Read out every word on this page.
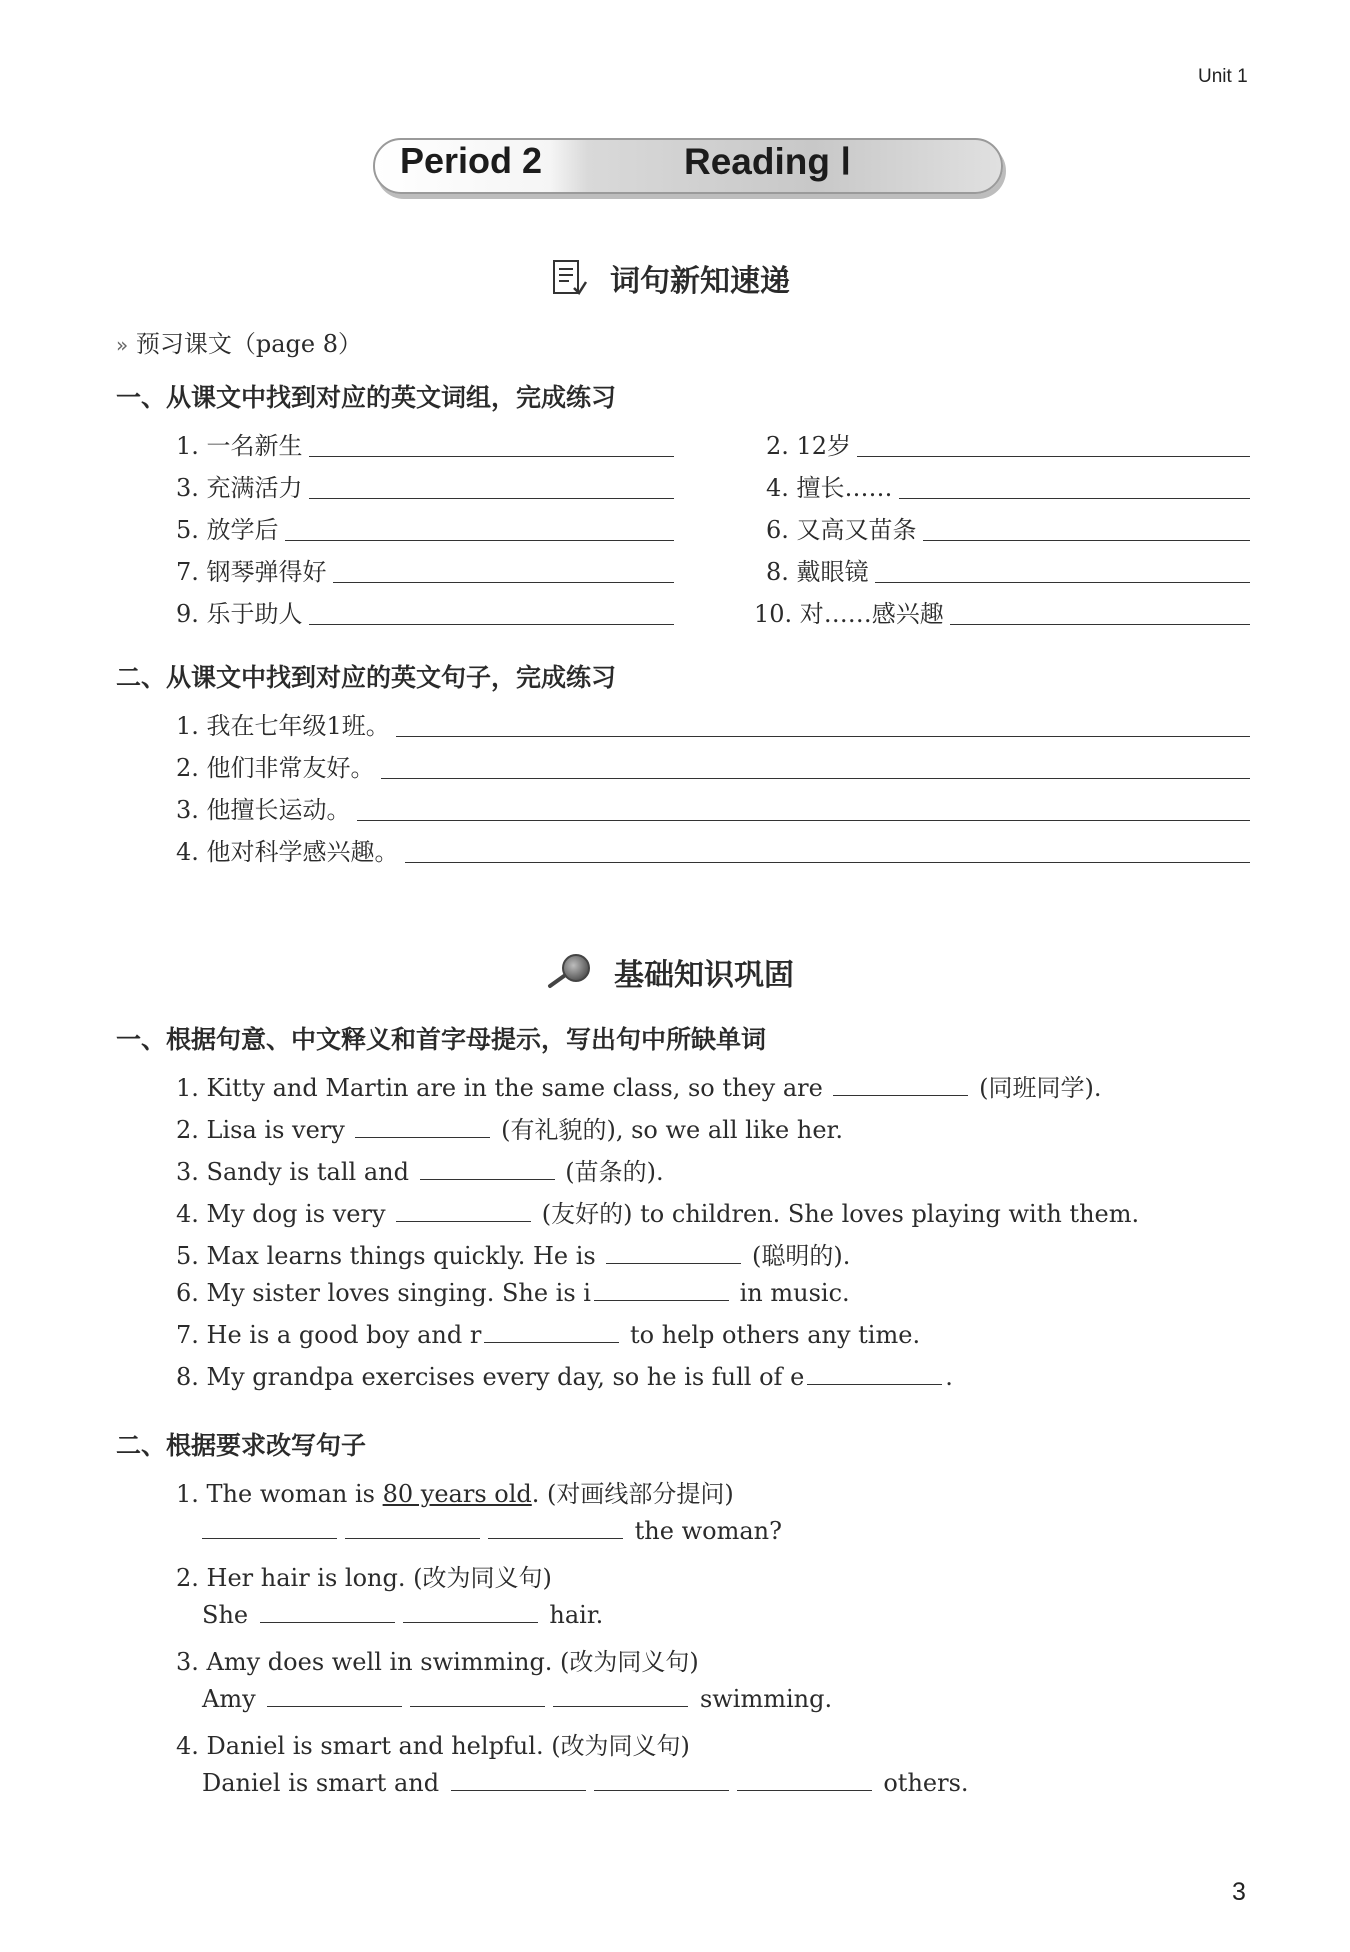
Unit 1
Period 2	Reading Ⅰ
词句新知速递
» 预习课文（page 8）
一、从课文中找到对应的英文词组，完成练习
1. 一名新生	2. 12岁
3. 充满活力	4. 擅长……
5. 放学后	6. 又高又苗条
7. 钢琴弹得好	8. 戴眼镜
9. 乐于助人	10. 对……感兴趣
二、从课文中找到对应的英文句子，完成练习
1. 我在七年级1班。
2. 他们非常友好。
3. 他擅长运动。
4. 他对科学感兴趣。
基础知识巩固
一、根据句意、中文释义和首字母提示，写出句中所缺单词
1. Kitty and Martin are in the same class, so they are	(同班同学).
2. Lisa is very	(有礼貌的), so we all like her.
3. Sandy is tall and	(苗条的).
4. My dog is very	(友好的) to children. She loves playing with them.
5. Max learns things quickly. He is	(聪明的).
6. My sister loves singing. She is i	in music.
7. He is a good boy and r	to help others any time.
8. My grandpa exercises every day, so he is full of e	.
二、根据要求改写句子
1. The woman is 80 years old. (对画线部分提问)
the woman?
2. Her hair is long. (改为同义句)
She	hair.
3. Amy does well in swimming. (改为同义句)
Amy	swimming.
4. Daniel is smart and helpful. (改为同义句)
Daniel is smart and	others.
3
